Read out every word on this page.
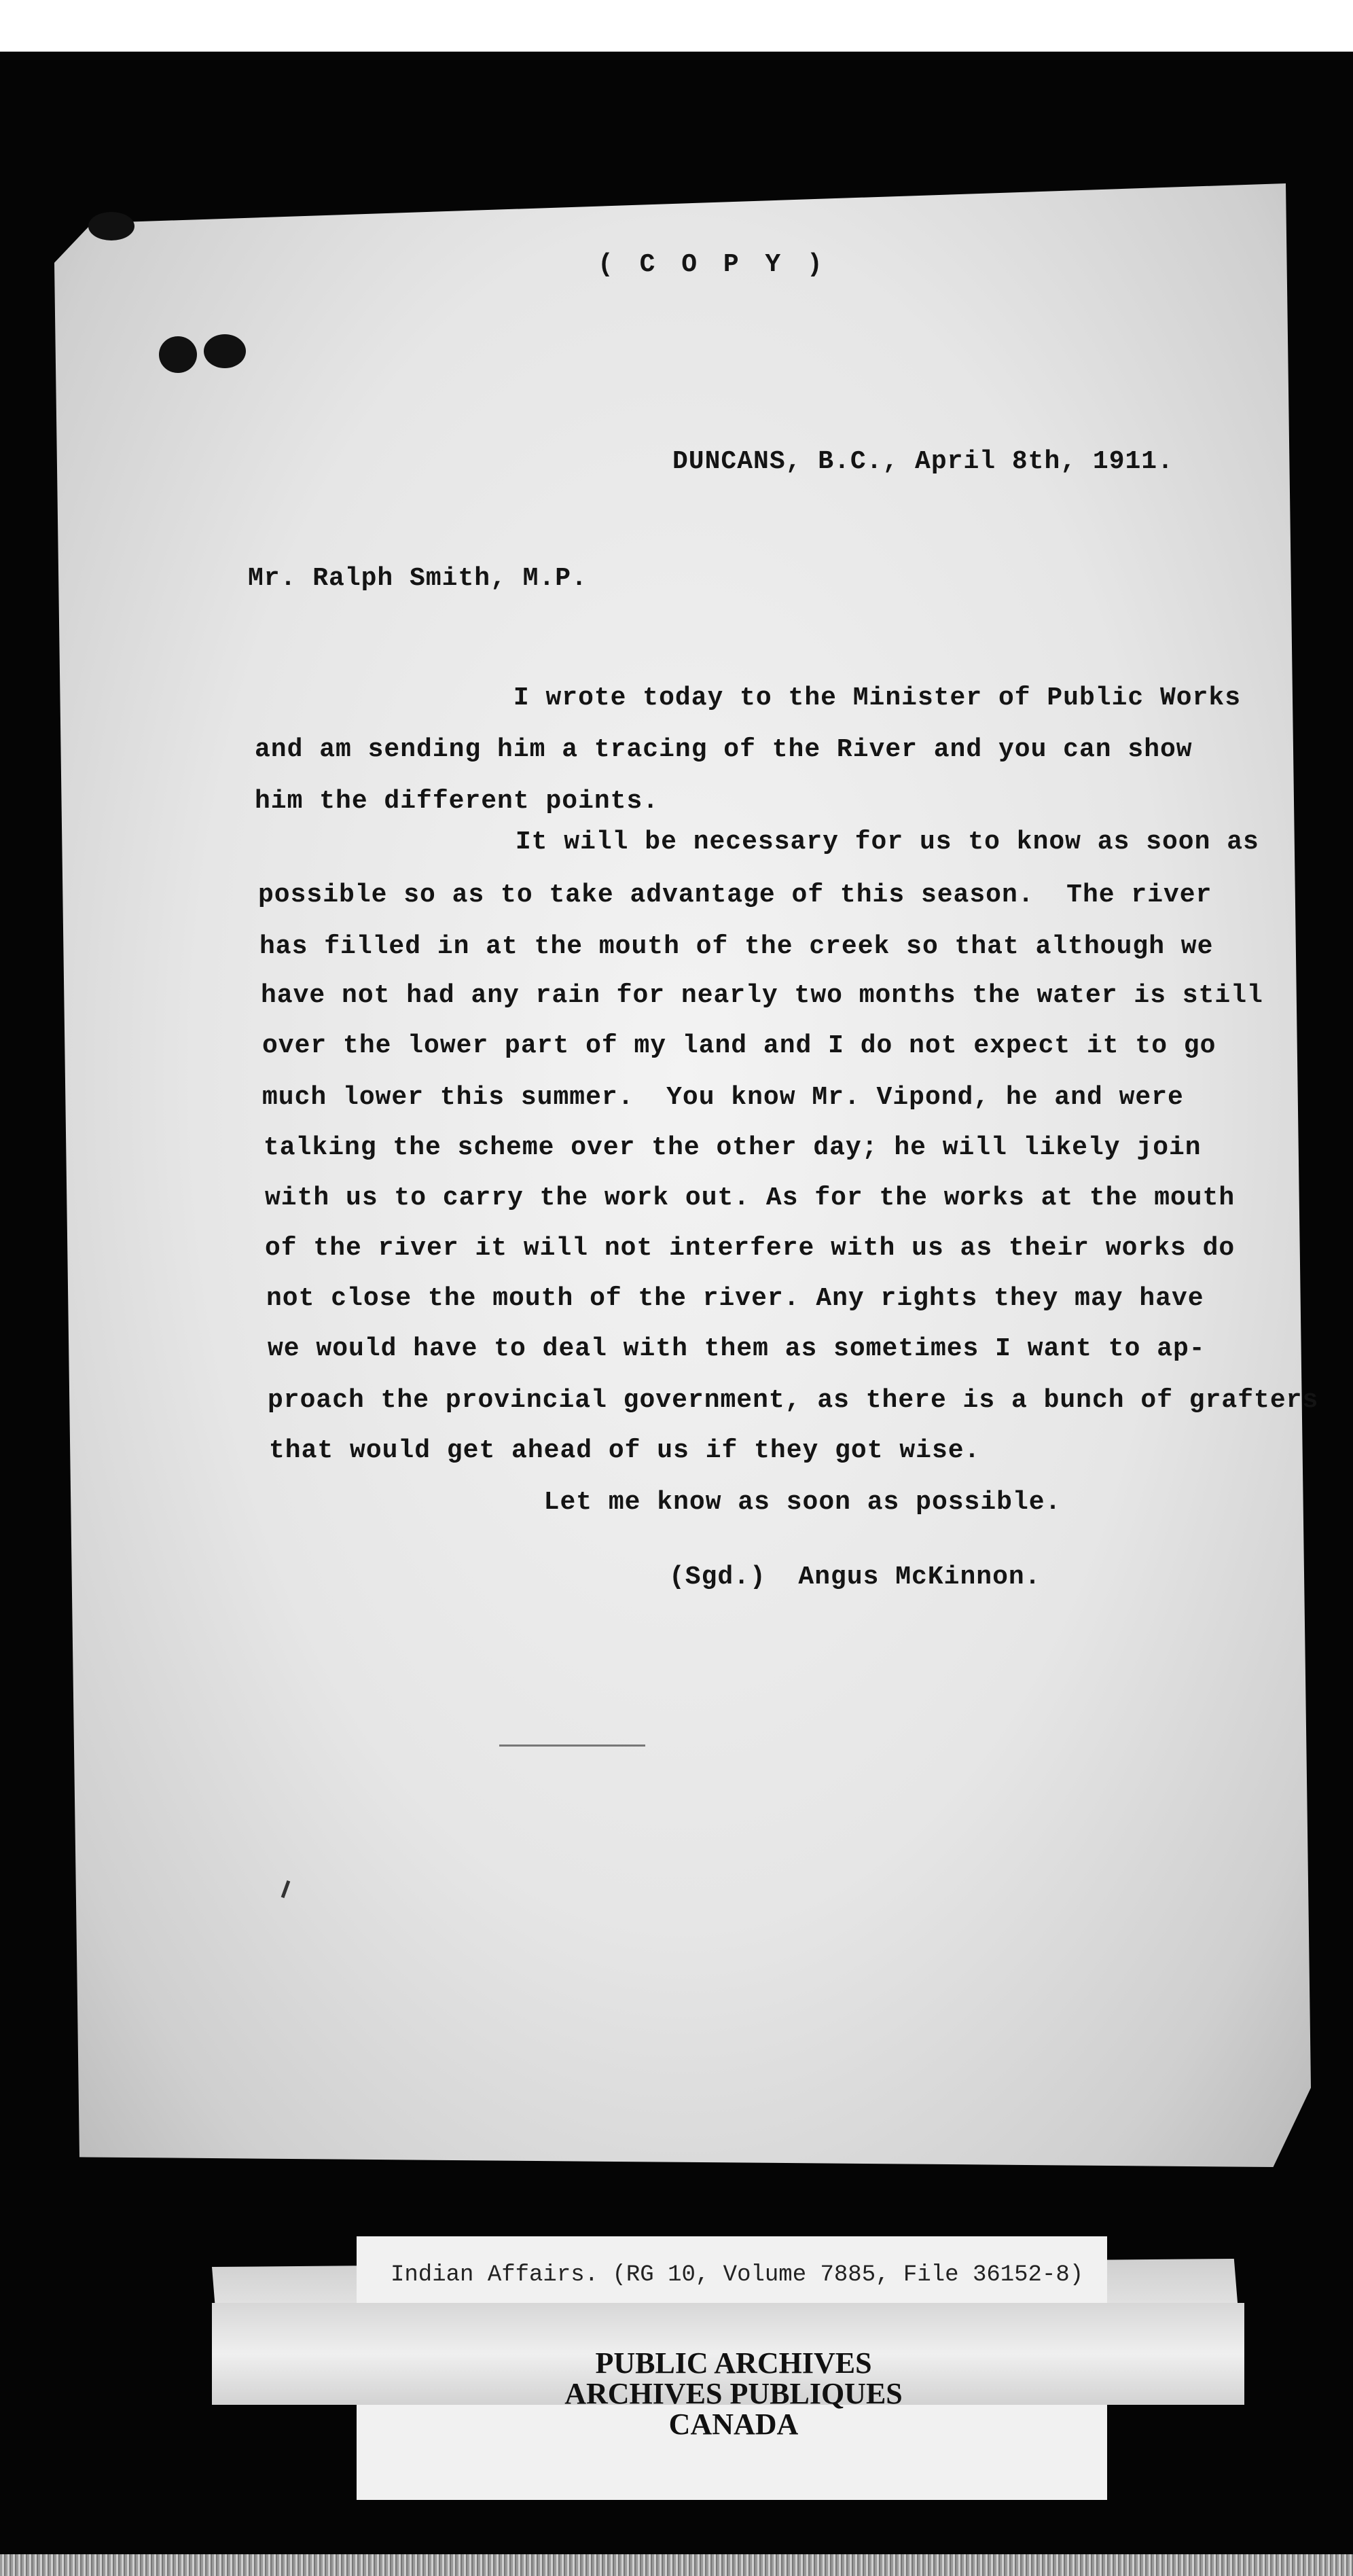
( C O P Y )
DUNCANS, B.C., April 8th, 1911.
Mr. Ralph Smith, M.P.
I wrote today to the Minister of Public Works
and am sending him a tracing of the River and you can show
him the different points.
It will be necessary for us to know as soon as
possible so as to take advantage of this season.  The river
has filled in at the mouth of the creek so that although we
have not had any rain for nearly two months the water is still
over the lower part of my land and I do not expect it to go
much lower this summer.  You know Mr. Vipond, he and were
talking the scheme over the other day; he will likely join
with us to carry the work out. As for the works at the mouth
of the river it will not interfere with us as their works do
not close the mouth of the river. Any rights they may have
we would have to deal with them as sometimes I want to ap-
proach the provincial government, as there is a bunch of grafters
that would get ahead of us if they got wise.
Let me know as soon as possible.
(Sgd.)  Angus McKinnon.
Indian Affairs. (RG 10, Volume 7885, File 36152-8)
PUBLIC ARCHIVES
ARCHIVES PUBLIQUES
CANADA
